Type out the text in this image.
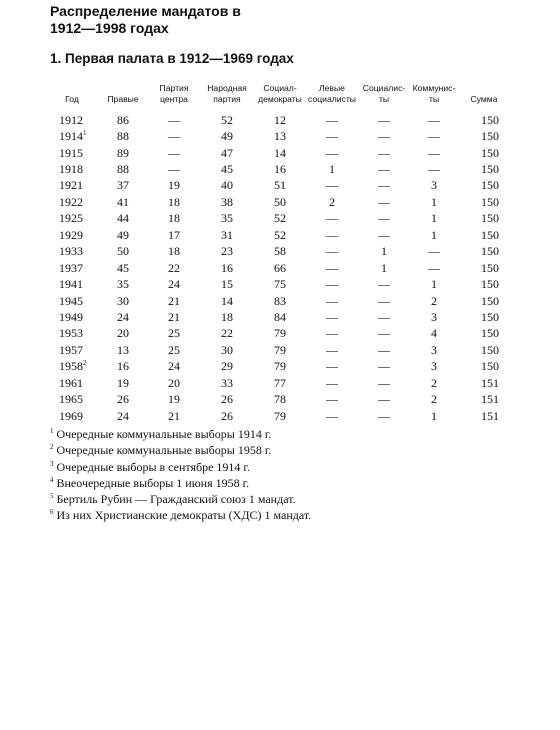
Распределение мандатов в
1912—1998 годах
1. Первая палата в 1912—1969 годах
Год	Правые	Партия центра	Народная партия	Социал-демократы	Левые социалисты	Социалис-ты	Коммунис-ты	Сумма
1912	86	—	52	12	—	—	—	150
1914$^1$	88	—	49	13	—	—	—	150
1915	89	—	47	14	—	—	—	150
1918	88	—	45	16	1	—	—	150
1921	37	19	40	51	—	—	3	150
1922	41	18	38	50	2	—	1	150
1925	44	18	35	52	—	—	1	150
1929	49	17	31	52	—	—	1	150
1933	50	18	23	58	—	1	—	150
1937	45	22	16	66	—	1	—	150
1941	35	24	15	75	—	—	1	150
1945	30	21	14	83	—	—	2	150
1949	24	21	18	84	—	—	3	150
1953	20	25	22	79	—	—	4	150
1957	13	25	30	79	—	—	3	150
1958$^2$	16	24	29	79	—	—	3	150
1961	19	20	33	77	—	—	2	151
1965	26	19	26	78	—	—	2	151
1969	24	21	26	79	—	—	1	151
$^1$ Очередные коммунальные выборы 1914 г.
$^2$ Очередные коммунальные выборы 1958 г.
$^3$ Очередные выборы в сентябре 1914 г.
$^4$ Внеочередные выборы 1 июня 1958 г.
$^5$ Бертиль Рубин — Гражданский союз 1 мандат.
$^6$ Из них Христианские демократы (ХДС) 1 мандат.
